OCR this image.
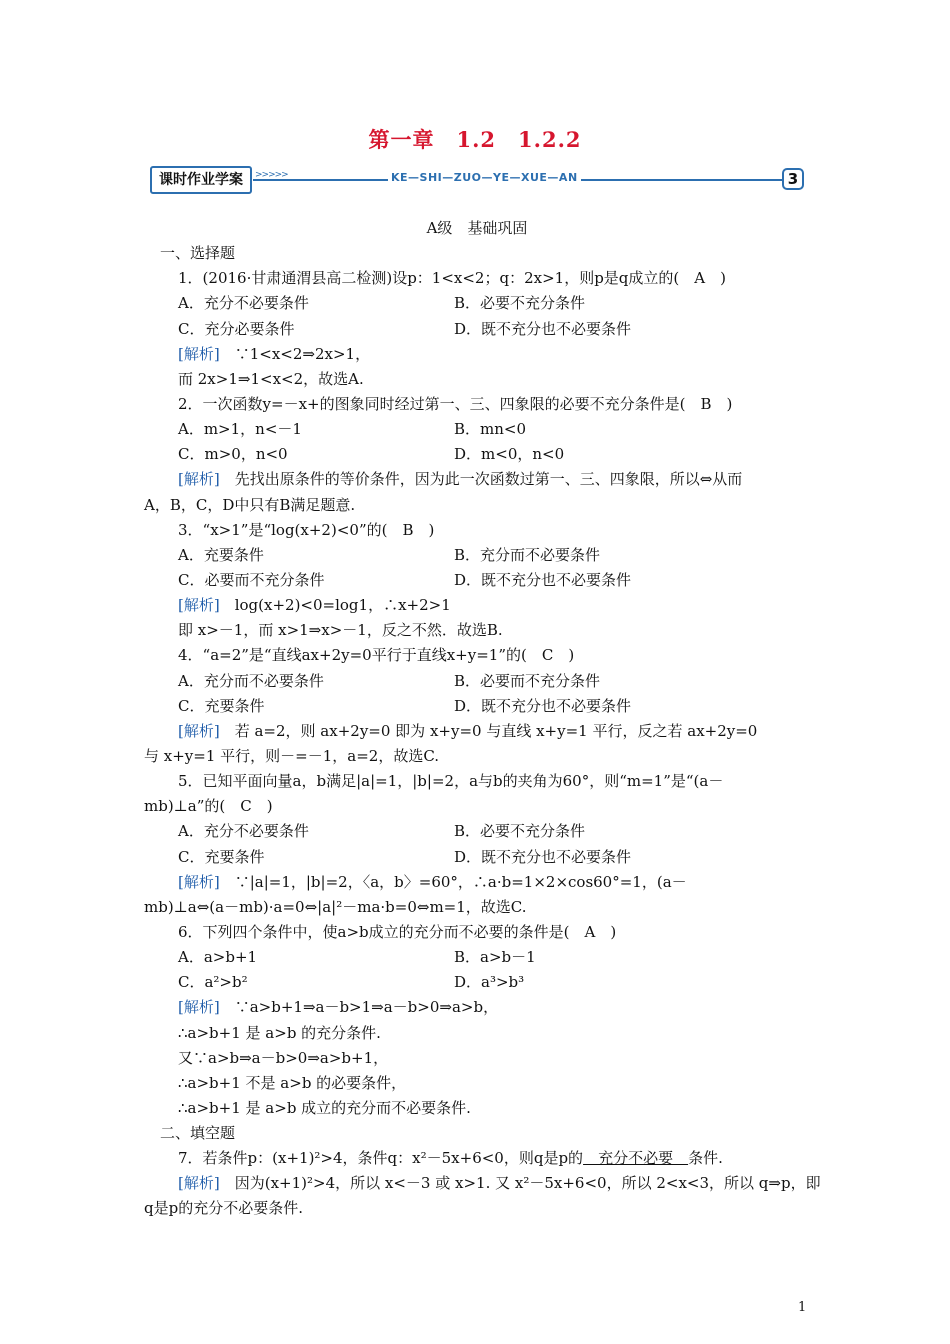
第一章　1.2　1.2.2
课时作业学案	>>>>>	KE—SHI—ZUO—YE—XUE—AN	3
A级　基础巩固
一、选择题
1．(2016·甘肃通渭县高二检测)设p：1<x<2；q：2x>1，则p是q成立的(　A　)
A．充分不必要条件	B．必要不充分条件
C．充分必要条件	D．既不充分也不必要条件
[解析]　∵1<x<2⇒2x>1，
而 2x>1⇒1<x<2，故选A.
2．一次函数y=－x+的图象同时经过第一、三、四象限的必要不充分条件是(　B　)
A．m>1，n<－1	B．mn<0
C．m>0，n<0	D．m<0，n<0
[解析]　先找出原条件的等价条件，因为此一次函数过第一、三、四象限，所以⇔从而
A，B，C，D中只有B满足题意.
3．“x>1”是“log(x+2)<0”的(　B　)
A．充要条件	B．充分而不必要条件
C．必要而不充分条件	D．既不充分也不必要条件
[解析]　log(x+2)<0=log1，∴x+2>1
即 x>－1，而 x>1⇒x>－1，反之不然．故选B.
4．“a=2”是“直线ax+2y=0平行于直线x+y=1”的(　C　)
A．充分而不必要条件	B．必要而不充分条件
C．充要条件	D．既不充分也不必要条件
[解析]　若 a=2，则 ax+2y=0 即为 x+y=0 与直线 x+y=1 平行，反之若 ax+2y=0
与 x+y=1 平行，则－=－1，a=2，故选C.
5．已知平面向量a，b满足|a|=1，|b|=2，a与b的夹角为60°，则“m=1”是“(a－
mb)⊥a”的(　C　)
A．充分不必要条件	B．必要不充分条件
C．充要条件	D．既不充分也不必要条件
[解析]　∵|a|=1，|b|=2，〈a，b〉=60°，∴a·b=1×2×cos60°=1，(a－
mb)⊥a⇔(a－mb)·a=0⇔|a|²－ma·b=0⇔m=1，故选C.
6．下列四个条件中，使a>b成立的充分而不必要的条件是(　A　)
A．a>b+1	B．a>b－1
C．a²>b²	D．a³>b³
[解析]　∵a>b+1⇒a－b>1⇒a－b>0⇒a>b，
∴a>b+1 是 a>b 的充分条件.
又∵a>b⇒a－b>0⇒a>b+1，
∴a>b+1 不是 a>b 的必要条件，
∴a>b+1 是 a>b 成立的充分而不必要条件.
二、填空题
7．若条件p：(x+1)²>4，条件q：x²－5x+6<0，则q是p的　充分不必要　条件.
[解析]　因为(x+1)²>4，所以 x<－3 或 x>1. 又 x²－5x+6<0，所以 2<x<3，所以 q⇒p，即
q是p的充分不必要条件.
1
